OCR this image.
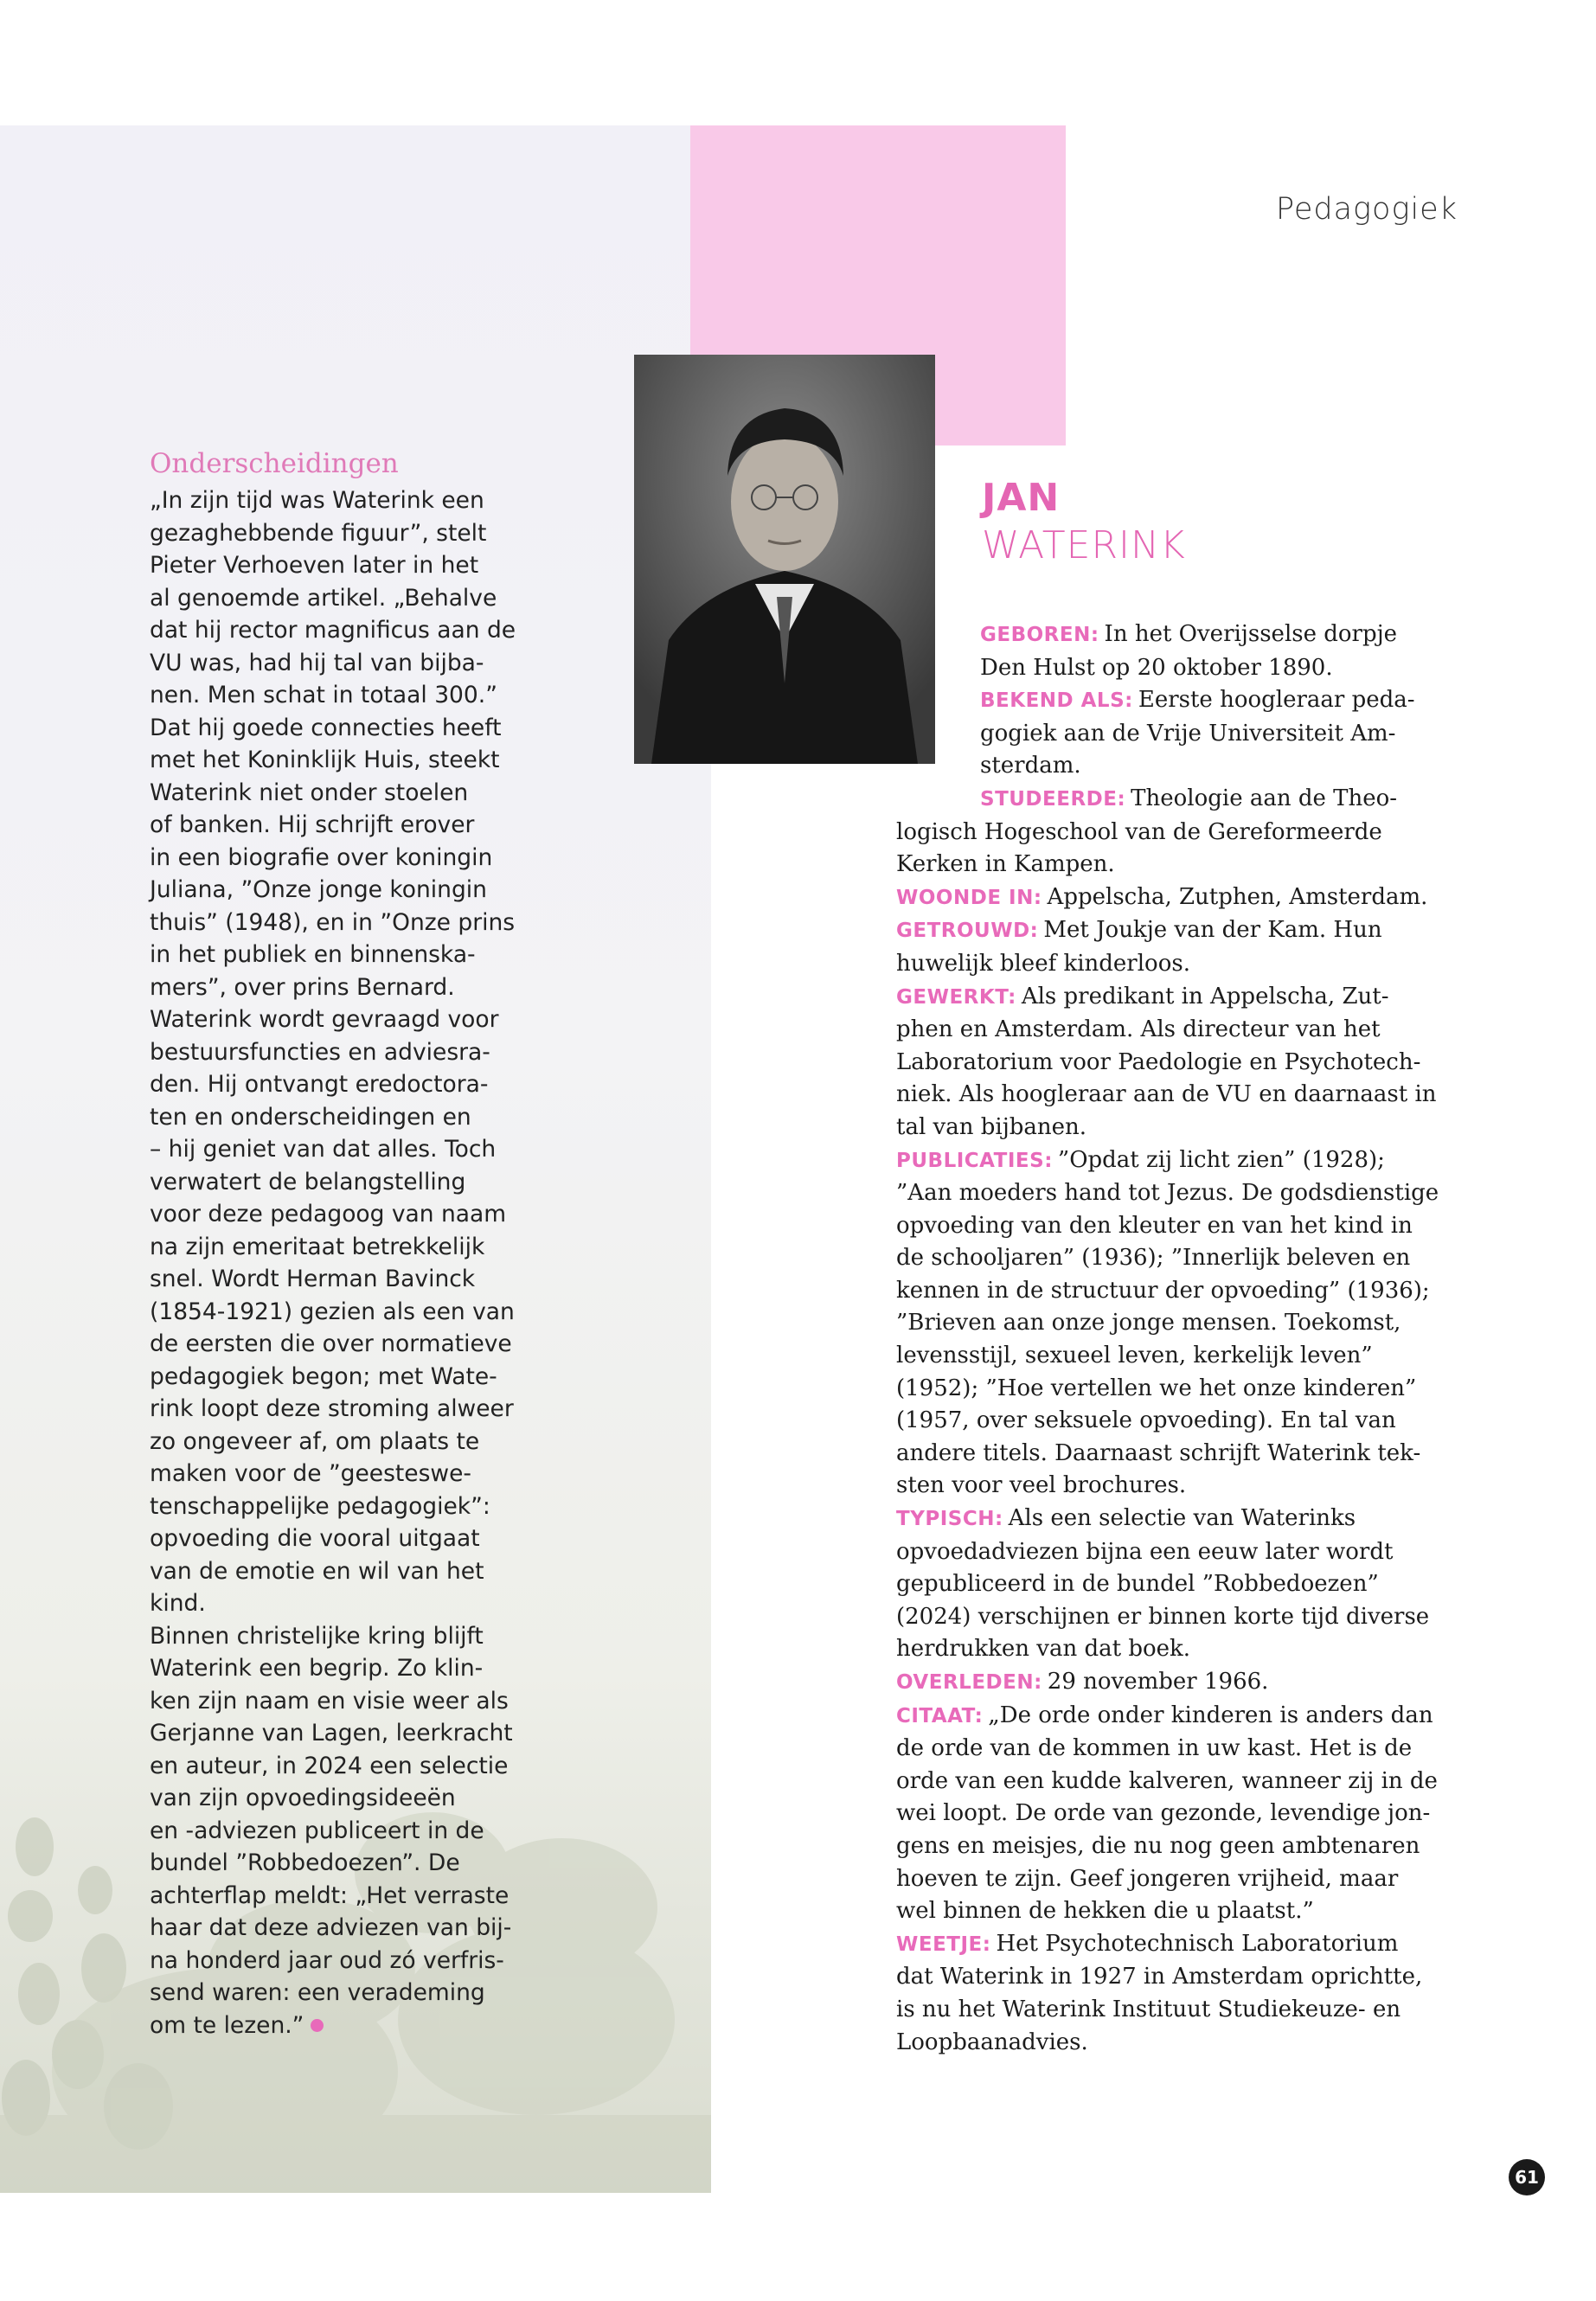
Pedagogiek
Onderscheidingen
„In zijn tijd was Waterink een
gezaghebbende figuur”, stelt
Pieter Verhoeven later in het
al genoemde artikel. „Behalve
dat hij rector magnificus aan de
VU was, had hij tal van bijba-
nen. Men schat in totaal 300.”
Dat hij goede connecties heeft
met het Koninklijk Huis, steekt
Waterink niet onder stoelen
of banken. Hij schrijft erover
in een biografie over koningin
Juliana, ”Onze jonge koningin
thuis” (1948), en in ”Onze prins
in het publiek en binnenska-
mers”, over prins Bernard.
Waterink wordt gevraagd voor
bestuursfuncties en adviesra-
den. Hij ontvangt eredoctora-
ten en onderscheidingen en
– hij geniet van dat alles. Toch
verwatert de belangstelling
voor deze pedagoog van naam
na zijn emeritaat betrekkelijk
snel. Wordt Herman Bavinck
(1854-1921) gezien als een van
de eersten die over normatieve
pedagogiek begon; met Wate-
rink loopt deze stroming alweer
zo ongeveer af, om plaats te
maken voor de ”geesteswe-
tenschappelijke pedagogiek”:
opvoeding die vooral uitgaat
van de emotie en wil van het
kind.
Binnen christelijke kring blijft
Waterink een begrip. Zo klin-
ken zijn naam en visie weer als
Gerjanne van Lagen, leerkracht
en auteur, in 2024 een selectie
van zijn opvoedingsideeën
en -adviezen publiceert in de
bundel ”Robbedoezen”. De
achterflap meldt: „Het verraste
haar dat deze adviezen van bij-
na honderd jaar oud zó verfris-
send waren: een verademing
om te lezen.”
JAN
WATERINK
GEBOREN: In het Overijsselse dorpje
Den Hulst op 20 oktober 1890.
BEKEND ALS: Eerste hoogleraar peda-
gogiek aan de Vrije Universiteit Am-
sterdam.
STUDEERDE: Theologie aan de Theo-
logisch Hogeschool van de Gereformeerde
Kerken in Kampen.
WOONDE IN: Appelscha, Zutphen, Amsterdam.
GETROUWD: Met Joukje van der Kam. Hun
huwelijk bleef kinderloos.
GEWERKT: Als predikant in Appelscha, Zut-
phen en Amsterdam. Als directeur van het
Laboratorium voor Paedologie en Psychotech-
niek. Als hoogleraar aan de VU en daarnaast in
tal van bijbanen.
PUBLICATIES: ”Opdat zij licht zien” (1928);
”Aan moeders hand tot Jezus. De godsdienstige
opvoeding van den kleuter en van het kind in
de schooljaren” (1936); ”Innerlijk beleven en
kennen in de structuur der opvoeding” (1936);
”Brieven aan onze jonge mensen. Toekomst,
levensstijl, sexueel leven, kerkelijk leven”
(1952); ”Hoe vertellen we het onze kinderen”
(1957, over seksuele opvoeding). En tal van
andere titels. Daarnaast schrijft Waterink tek-
sten voor veel brochures.
TYPISCH: Als een selectie van Waterinks
opvoedadviezen bijna een eeuw later wordt
gepubliceerd in de bundel ”Robbedoezen”
(2024) verschijnen er binnen korte tijd diverse
herdrukken van dat boek.
OVERLEDEN: 29 november 1966.
CITAAT: „De orde onder kinderen is anders dan
de orde van de kommen in uw kast. Het is de
orde van een kudde kalveren, wanneer zij in de
wei loopt. De orde van gezonde, levendige jon-
gens en meisjes, die nu nog geen ambtenaren
hoeven te zijn. Geef jongeren vrijheid, maar
wel binnen de hekken die u plaatst.”
WEETJE: Het Psychotechnisch Laboratorium
dat Waterink in 1927 in Amsterdam oprichtte,
is nu het Waterink Instituut Studiekeuze- en
Loopbaanadvies.
61
